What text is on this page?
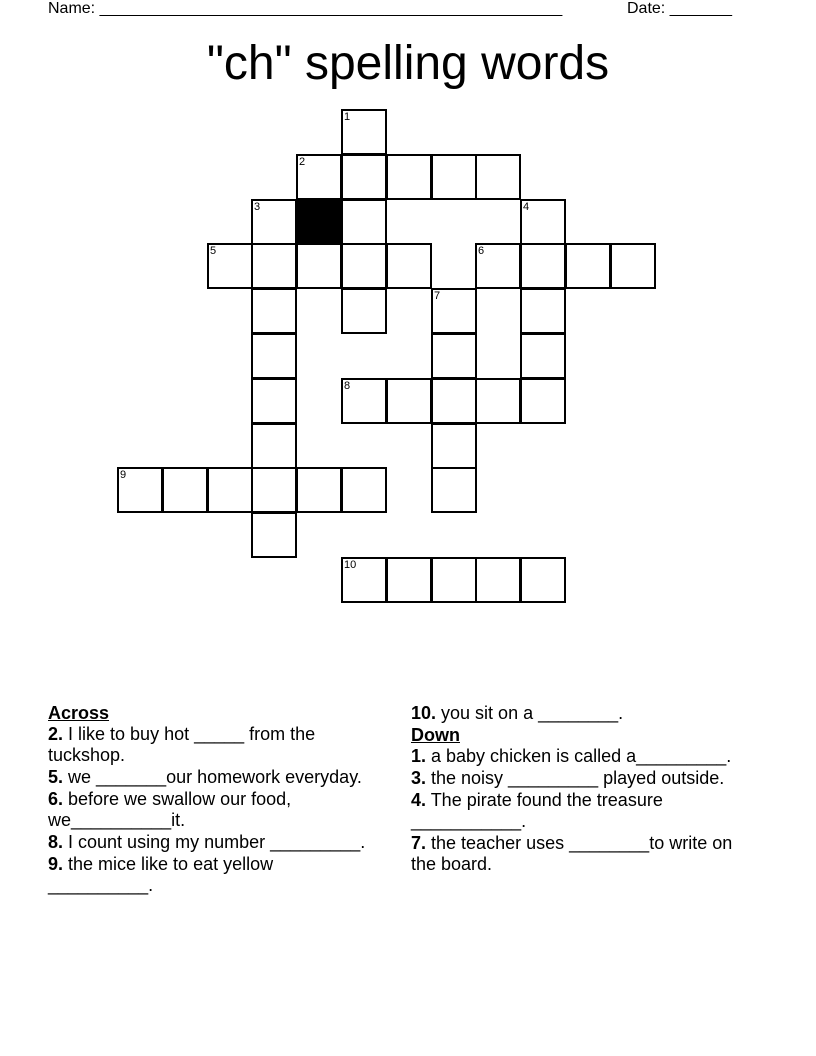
Name: ____________________________________________________	Date: _______
"ch" spelling words
1
2
3	4
5	6
7
8
9
10
Across
2. I like to buy hot _____ from the tuckshop.
5. we _______our homework everyday.
6. before we swallow our food, we__________it.
8. I count using my number _________.
9. the mice like to eat yellow __________.
10. you sit on a ________.
Down
1. a baby chicken is called a_________.
3. the noisy _________ played outside.
4. The pirate found the treasure ___________.
7. the teacher uses ________to write on the board.
